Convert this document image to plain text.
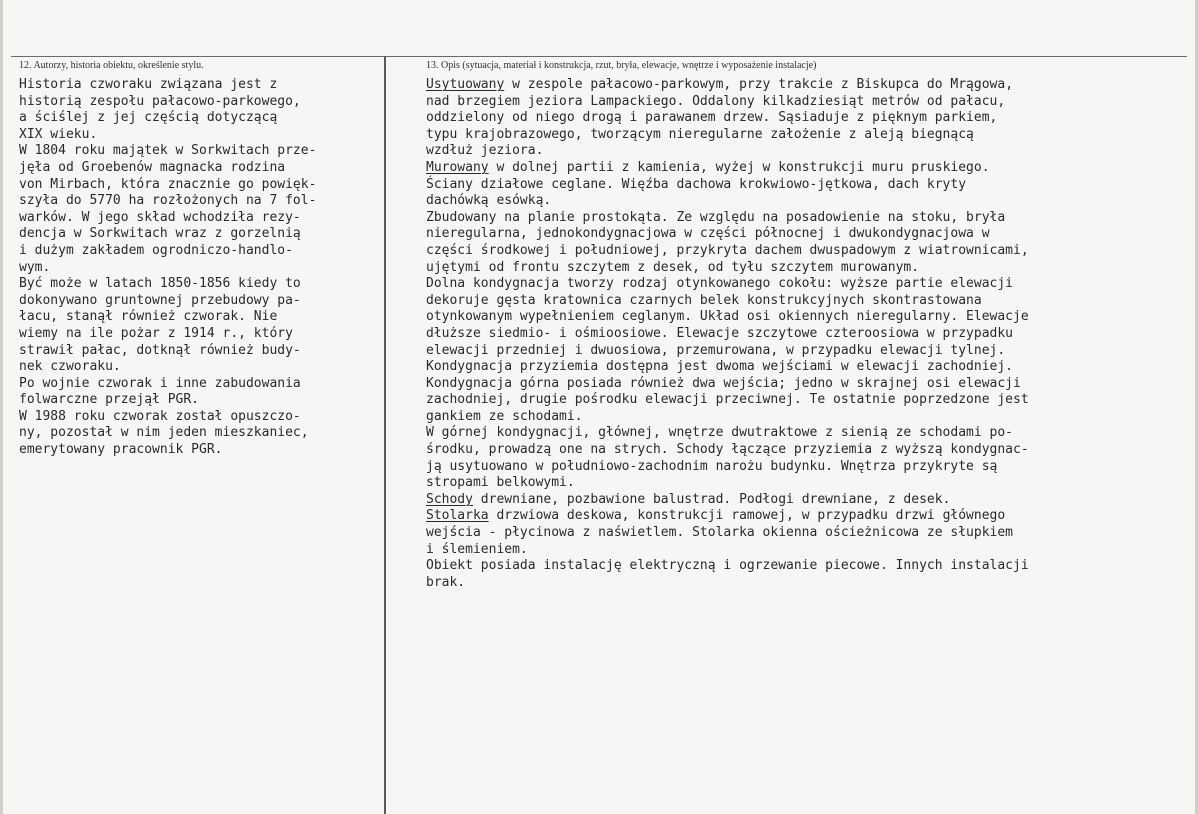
12. Autorzy, historia obiektu, określenie stylu.
Historia czworaku związana jest z
historią zespołu pałacowo-parkowego,
a ściślej z jej częścią dotyczącą
XIX wieku.
W 1804 roku majątek w Sorkwitach prze-
jęła od Groebenów magnacka rodzina
von Mirbach, która znacznie go powięk-
szyła do 5770 ha rozłożonych na 7 fol-
warków. W jego skład wchodziła rezy-
dencja w Sorkwitach wraz z gorzelnią
i dużym zakładem ogrodniczo-handlo-
wym.
Być może w latach 1850-1856 kiedy to
dokonywano gruntownej przebudowy pa-
łacu, stanął również czworak. Nie
wiemy na ile pożar z 1914 r., który
strawił pałac, dotknął również budy-
nek czworaku.
Po wojnie czworak i inne zabudowania
folwarczne przejął PGR.
W 1988 roku czworak został opuszczo-
ny, pozostał w nim jeden mieszkaniec,
emerytowany pracownik PGR.
13. Opis (sytuacja, materiał i konstrukcja, rzut, bryła, elewacje, wnętrze i wyposażenie instalacje)
Usytuowany w zespole pałacowo-parkowym, przy trakcie z Biskupca do Mrągowa,
nad brzegiem jeziora Lampackiego. Oddalony kilkadziesiąt metrów od pałacu,
oddzielony od niego drogą i parawanem drzew. Sąsiaduje z pięknym parkiem,
typu krajobrazowego, tworzącym nieregularne założenie z aleją biegnącą
wzdłuż jeziora.
Murowany w dolnej partii z kamienia, wyżej w konstrukcji muru pruskiego.
Ściany działowe ceglane. Więźba dachowa krokwiowo-jętkowa, dach kryty
dachówką esówką.
Zbudowany na planie prostokąta. Ze względu na posadowienie na stoku, bryła
nieregularna, jednokondygnacjowa w części północnej i dwukondygnacjowa w
części środkowej i południowej, przykryta dachem dwuspadowym z wiatrownicami,
ujętymi od frontu szczytem z desek, od tyłu szczytem murowanym.
Dolna kondygnacja tworzy rodzaj otynkowanego cokołu: wyższe partie elewacji
dekoruje gęsta kratownica czarnych belek konstrukcyjnych skontrastowana
otynkowanym wypełnieniem ceglanym. Układ osi okiennych nieregularny. Elewacje
dłuższe siedmio- i ośmioosiowe. Elewacje szczytowe czteroosiowa w przypadku
elewacji przedniej i dwuosiowa, przemurowana, w przypadku elewacji tylnej.
Kondygnacja przyziemia dostępna jest dwoma wejściami w elewacji zachodniej.
Kondygnacja górna posiada również dwa wejścia; jedno w skrajnej osi elewacji
zachodniej, drugie pośrodku elewacji przeciwnej. Te ostatnie poprzedzone jest
gankiem ze schodami.
W górnej kondygnacji, głównej, wnętrze dwutraktowe z sienią ze schodami po-
środku, prowadzą one na strych. Schody łączące przyziemia z wyższą kondygnac-
ją usytuowano w południowo-zachodnim narożu budynku. Wnętrza przykryte są
stropami belkowymi.
Schody drewniane, pozbawione balustrad. Podłogi drewniane, z desek.
Stolarka drzwiowa deskowa, konstrukcji ramowej, w przypadku drzwi głównego
wejścia - płycinowa z naświetlem. Stolarka okienna ościeżnicowa ze słupkiem
i ślemieniem.
Obiekt posiada instalację elektryczną i ogrzewanie piecowe. Innych instalacji
brak.
